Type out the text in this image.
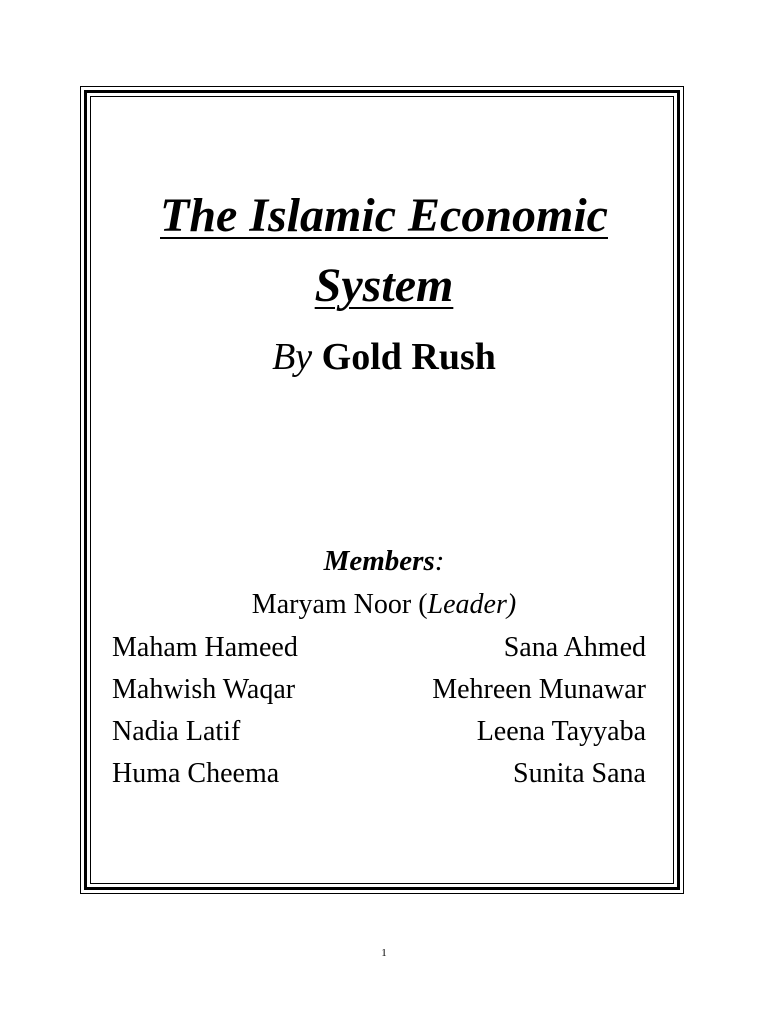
The Islamic Economic
System
By Gold Rush
Members:
Maryam Noor (Leader)
Maham Hameed	Sana Ahmed
Mahwish Waqar	Mehreen Munawar
Nadia Latif	Leena Tayyaba
Huma Cheema	Sunita Sana
1
